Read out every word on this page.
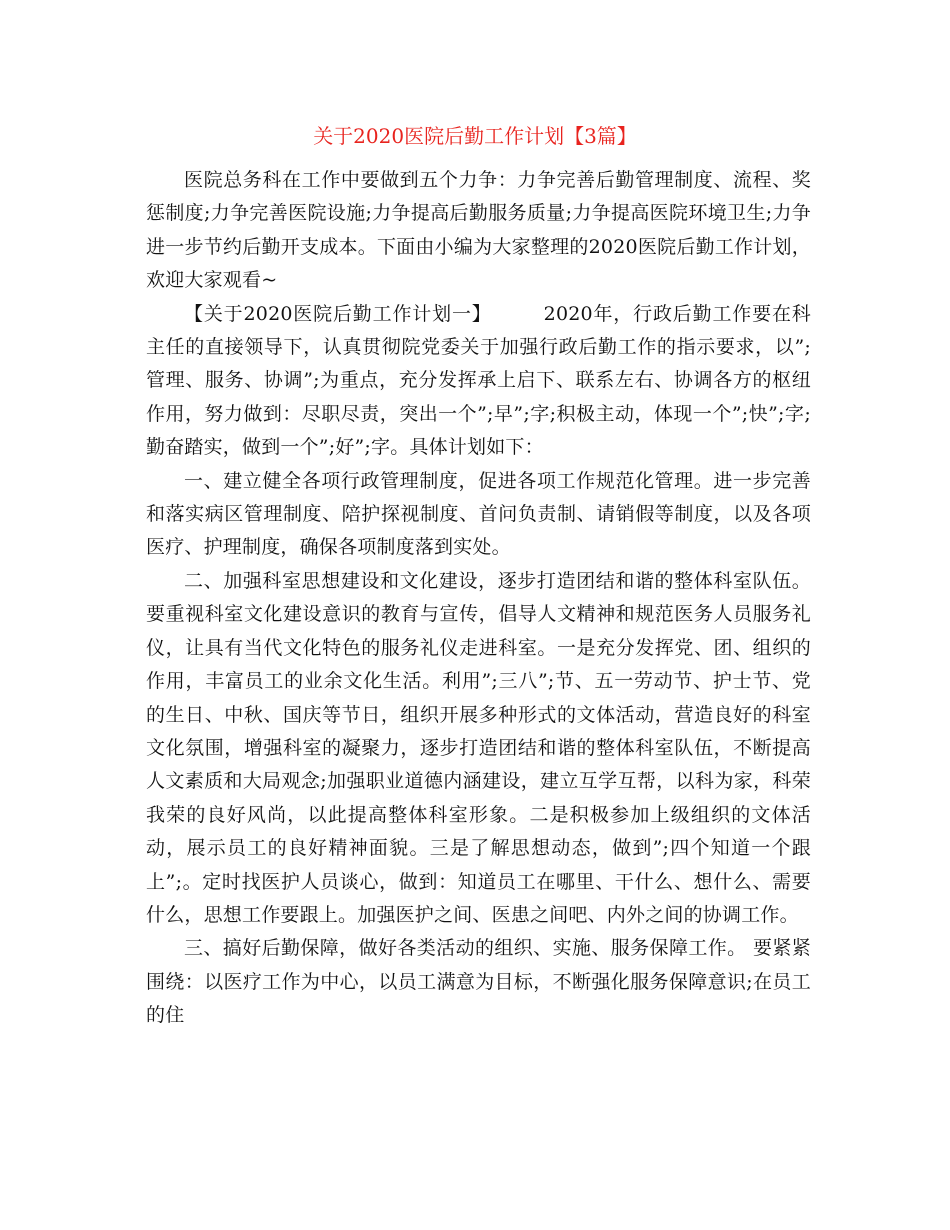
关于2020医院后勤工作计划【3篇】

医院总务科在工作中要做到五个力争：力争完善后勤管理制度、流程、奖惩制度;力争完善医院设施;力争提高后勤服务质量;力争提高医院环境卫生;力争进一步节约后勤开支成本。下面由小编为大家整理的2020医院后勤工作计划，欢迎大家观看~

【关于2020医院后勤工作计划一】	2020年，行政后勤工作要在科主任的直接领导下，认真贯彻院党委关于加强行政后勤工作的指示要求，以”;管理、服务、协调”;为重点，充分发挥承上启下、联系左右、协调各方的枢纽作用，努力做到：尽职尽责，突出一个”;早”;字;积极主动，体现一个”;快”;字;勤奋踏实，做到一个”;好”;字。具体计划如下：

一、建立健全各项行政管理制度，促进各项工作规范化管理。进一步完善和落实病区管理制度、陪护探视制度、首问负责制、请销假等制度，以及各项医疗、护理制度，确保各项制度落到实处。

二、加强科室思想建设和文化建设，逐步打造团结和谐的整体科室队伍。要重视科室文化建设意识的教育与宣传，倡导人文精神和规范医务人员服务礼仪，让具有当代文化特色的服务礼仪走进科室。一是充分发挥党、团、组织的作用，丰富员工的业余文化生活。利用”;三八”;节、五一劳动节、护士节、党的生日、中秋、国庆等节日，组织开展多种形式的文体活动，营造良好的科室文化氛围，增强科室的凝聚力，逐步打造团结和谐的整体科室队伍，不断提高人文素质和大局观念;加强职业道德内涵建设，建立互学互帮，以科为家，科荣我荣的良好风尚，以此提高整体科室形象。二是积极参加上级组织的文体活动，展示员工的良好精神面貌。三是了解思想动态，做到”;四个知道一个跟上”;。定时找医护人员谈心，做到：知道员工在哪里、干什么、想什么、需要什么，思想工作要跟上。加强医护之间、医患之间吧、内外之间的协调工作。

三、搞好后勤保障，做好各类活动的组织、实施、服务保障工作。 要紧紧围绕：以医疗工作为中心，以员工满意为目标，不断强化服务保障意识;在员工的住
